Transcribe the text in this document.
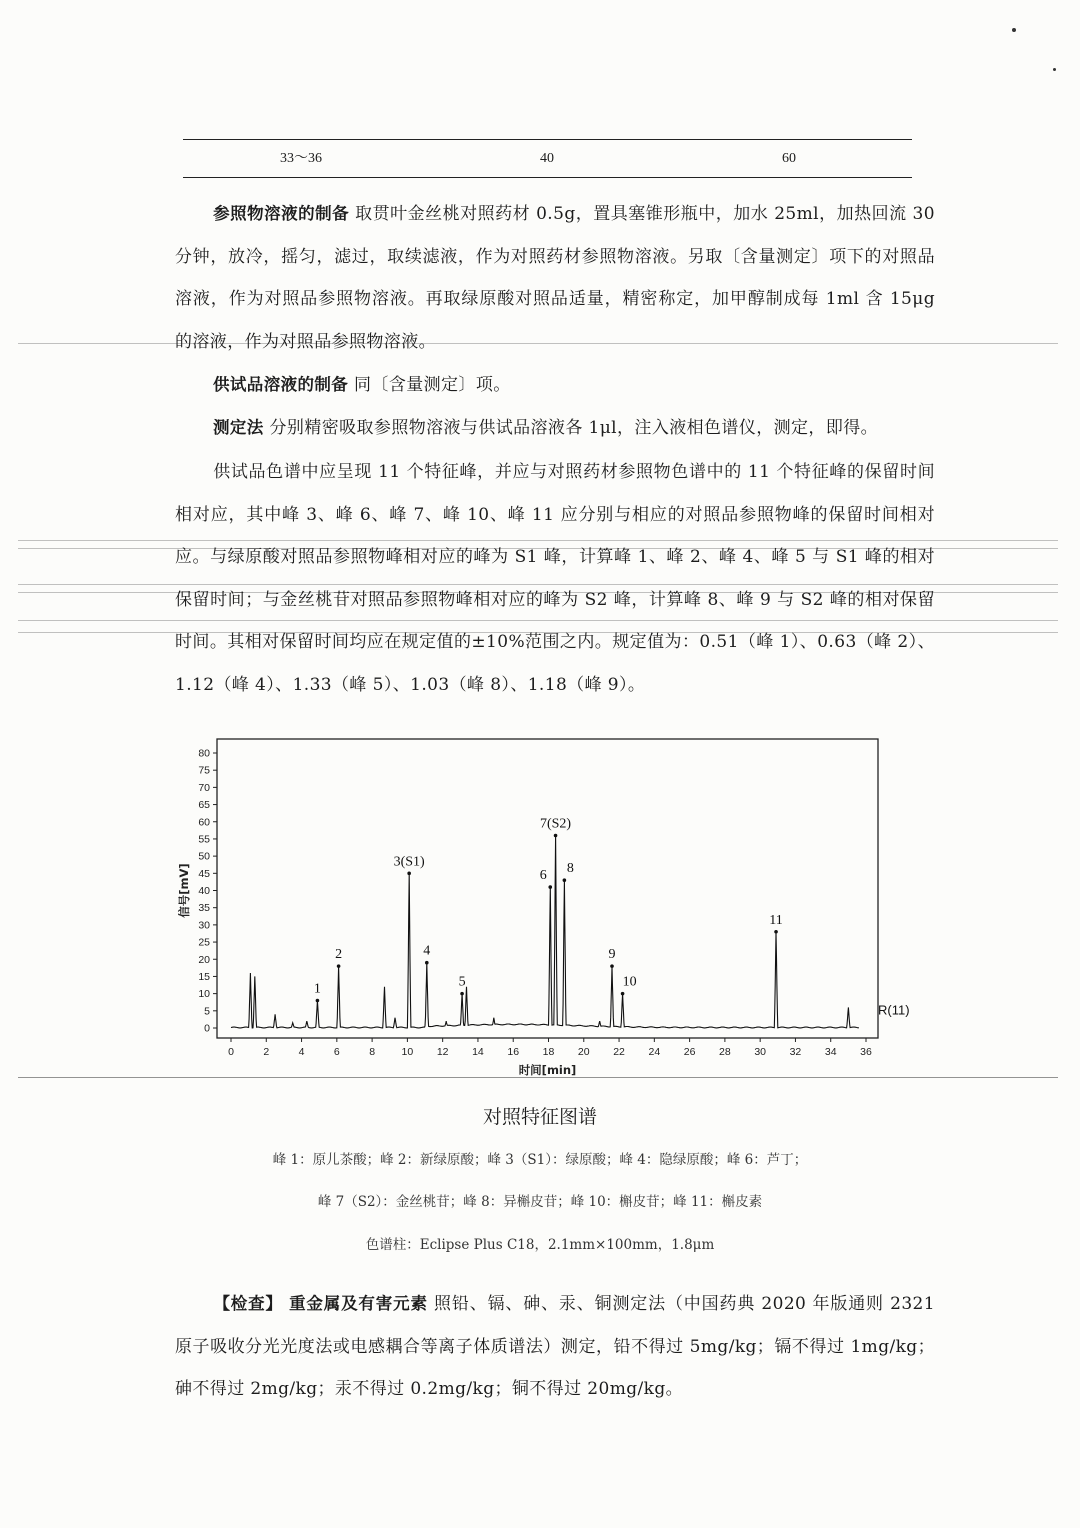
33～36	40	60
参照物溶液的制备 取贯叶金丝桃对照药材 0.5g，置具塞锥形瓶中，加水 25ml，加热回流 30 分钟，放冷，摇匀，滤过，取续滤液，作为对照药材参照物溶液。另取〔含量测定〕项下的对照品溶液，作为对照品参照物溶液。再取绿原酸对照品适量，精密称定，加甲醇制成每 1ml 含 15μg 的溶液，作为对照品参照物溶液。
供试品溶液的制备 同〔含量测定〕项。
测定法 分别精密吸取参照物溶液与供试品溶液各 1μl，注入液相色谱仪，测定，即得。
供试品色谱中应呈现 11 个特征峰，并应与对照药材参照物色谱中的 11 个特征峰的保留时间相对应，其中峰 3、峰 6、峰 7、峰 10、峰 11 应分别与相应的对照品参照物峰的保留时间相对应。与绿原酸对照品参照物峰相对应的峰为 S1 峰，计算峰 1、峰 2、峰 4、峰 5 与 S1 峰的相对保留时间；与金丝桃苷对照品参照物峰相对应的峰为 S2 峰，计算峰 8、峰 9 与 S2 峰的相对保留时间。其相对保留时间均应在规定值的±10%范围之内。规定值为：0.51（峰 1）、0.63（峰 2）、1.12（峰 4）、1.33（峰 5）、1.03（峰 8）、1.18（峰 9）。
0
5
10
15
20
25
30
35
40
45
50
55
60
65
70
75
80
0	2	4	6	8	10 12 14 16 18 20 22 24 26 28 30 32 34 36
时间[min]
信号[mV]
1
2
3(S1)
4
5
6
7(S2)
8
9
10
11
R(11)
对照特征图谱
峰 1：原儿茶酸；峰 2：新绿原酸；峰 3（S1）：绿原酸；峰 4：隐绿原酸；峰 6：芦丁；
峰 7（S2）：金丝桃苷；峰 8：异槲皮苷；峰 10：槲皮苷；峰 11：槲皮素
色谱柱：Eclipse Plus C18，2.1mm×100mm，1.8μm
【检查】 重金属及有害元素 照铅、镉、砷、汞、铜测定法（中国药典 2020 年版通则 2321 原子吸收分光光度法或电感耦合等离子体质谱法）测定，铅不得过 5mg/kg；镉不得过 1mg/kg；砷不得过 2mg/kg；汞不得过 0.2mg/kg；铜不得过 20mg/kg。
